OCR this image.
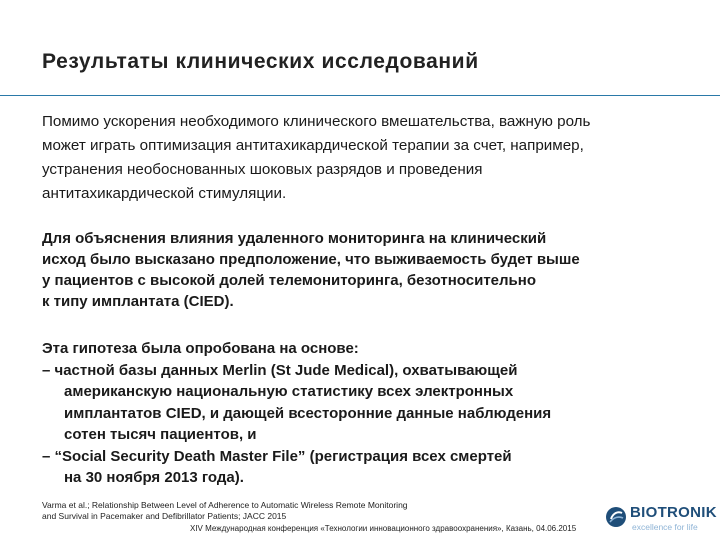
Результаты клинических исследований
Помимо ускорения необходимого клинического вмешательства, важную роль
может играть оптимизация антитахикардической терапии за счет, например,
устранения необоснованных шоковых разрядов и проведения
антитахикардической стимуляции.
Для объяснения влияния удаленного мониторинга на клинический
исход было высказано предположение, что выживаемость будет выше
у пациентов с высокой долей телемониторинга, безотносительно
к типу имплантата (CIED).
Эта гипотеза была опробована на основе:
– частной базы данных Merlin (St Jude Medical), охватывающей
американскую национальную статистику всех электронных
имплантатов CIED, и дающей всесторонние данные наблюдения
сотен тысяч пациентов, и
– “Social Security Death Master File” (регистрация всех смертей
на 30 ноября 2013 года).
Varma et al.; Relationship Between Level of Adherence to Automatic Wireless Remote Monitoring
and Survival in Pacemaker and Defibrillator Patients; JACC 2015
XIV Международная конференция «Технологии инновационного здравоохранения», Казань, 04.06.2015
BIOTRONIK
excellence for life
